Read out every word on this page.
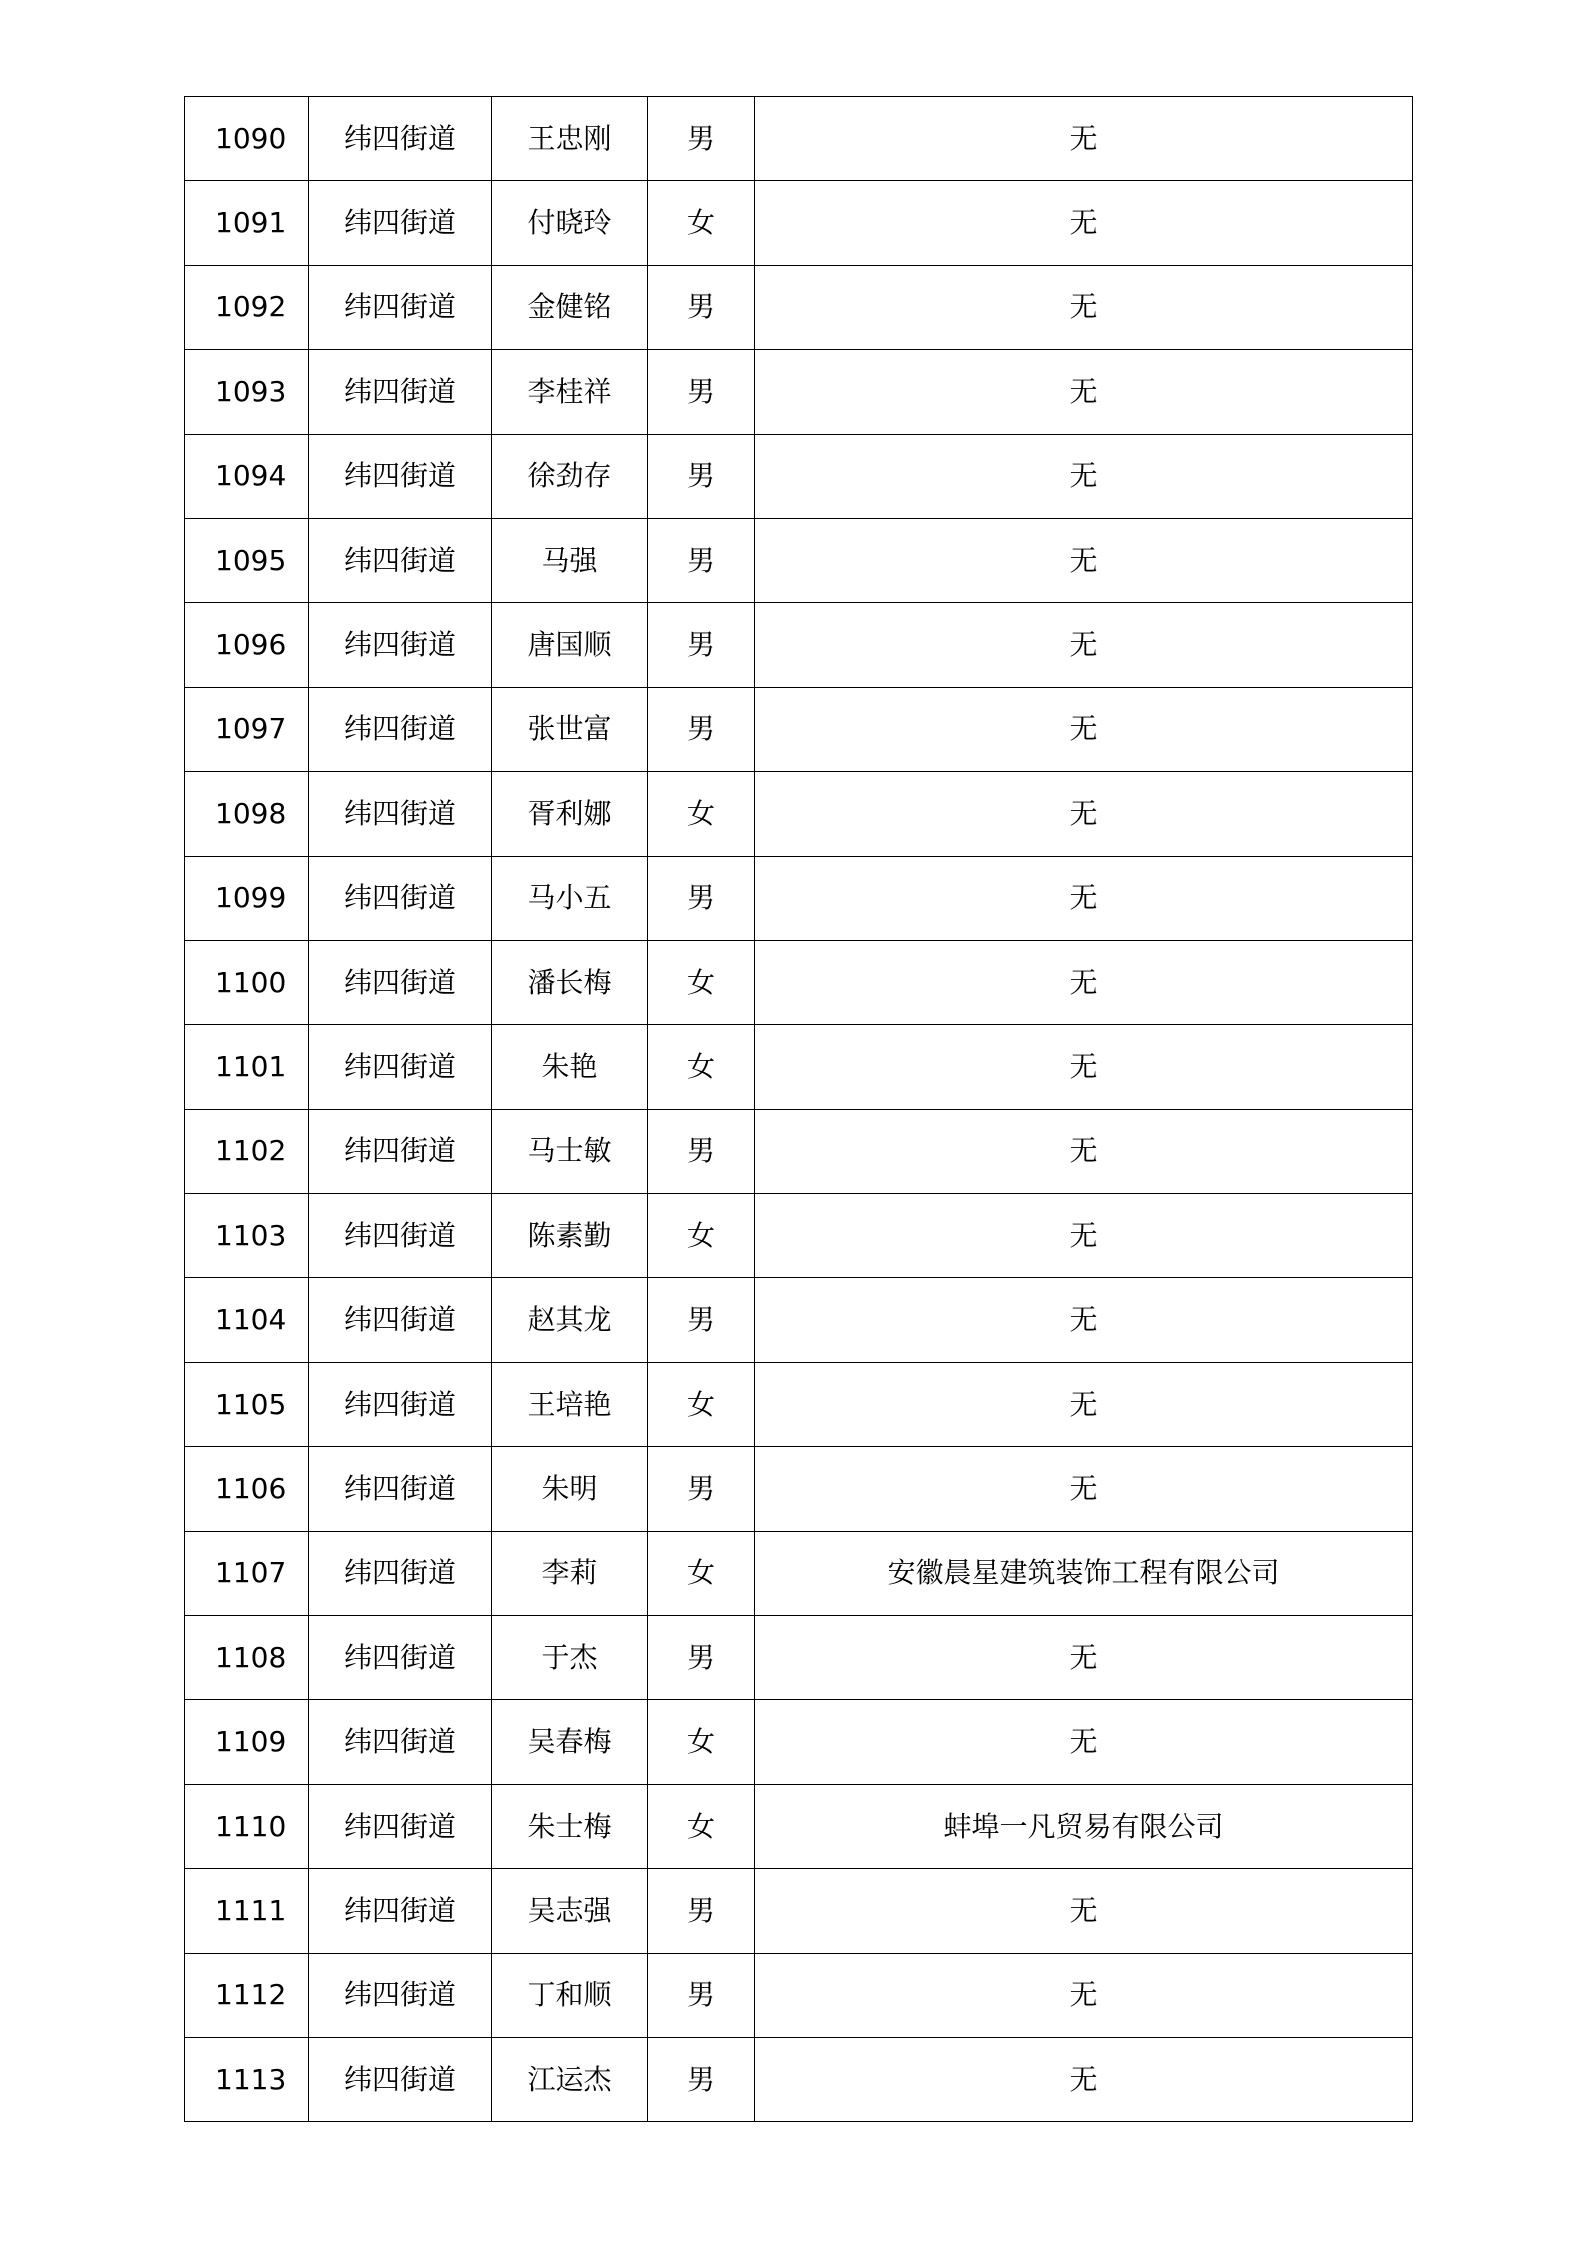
1090	纬四街道	王忠刚	男	无
1091	纬四街道	付晓玲	女	无
1092	纬四街道	金健铭	男	无
1093	纬四街道	李桂祥	男	无
1094	纬四街道	徐劲存	男	无
1095	纬四街道	马强	男	无
1096	纬四街道	唐国顺	男	无
1097	纬四街道	张世富	男	无
1098	纬四街道	胥利娜	女	无
1099	纬四街道	马小五	男	无
1100	纬四街道	潘长梅	女	无
1101	纬四街道	朱艳	女	无
1102	纬四街道	马士敏	男	无
1103	纬四街道	陈素勤	女	无
1104	纬四街道	赵其龙	男	无
1105	纬四街道	王培艳	女	无
1106	纬四街道	朱明	男	无
1107	纬四街道	李莉	女	安徽晨星建筑装饰工程有限公司
1108	纬四街道	于杰	男	无
1109	纬四街道	吴春梅	女	无
1110	纬四街道	朱士梅	女	蚌埠一凡贸易有限公司
1111	纬四街道	吴志强	男	无
1112	纬四街道	丁和顺	男	无
1113	纬四街道	江运杰	男	无
